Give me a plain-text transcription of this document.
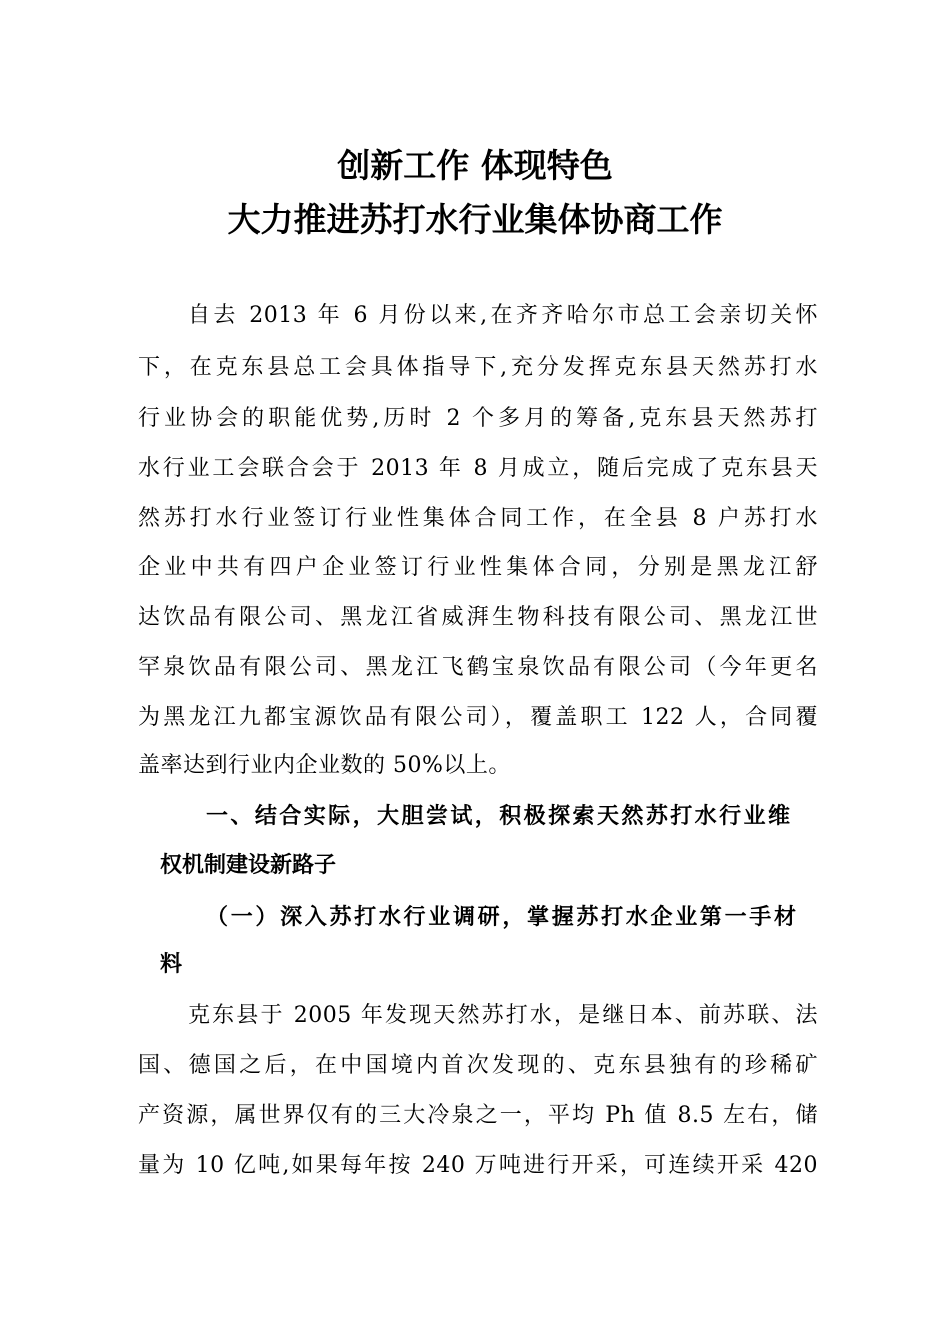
创新工作 体现特色
大力推进苏打水行业集体协商工作
自去 2013 年 6 月份以来,在齐齐哈尔市总工会亲切关怀
下，在克东县总工会具体指导下,充分发挥克东县天然苏打水
行业协会的职能优势,历时 2 个多月的筹备,克东县天然苏打
水行业工会联合会于 2013 年 8 月成立，随后完成了克东县天
然苏打水行业签订行业性集体合同工作，在全县 8 户苏打水
企业中共有四户企业签订行业性集体合同，分别是黑龙江舒
达饮品有限公司、黑龙江省威湃生物科技有限公司、黑龙江世
罕泉饮品有限公司、黑龙江飞鹤宝泉饮品有限公司（今年更名
为黑龙江九都宝源饮品有限公司），覆盖职工 122 人，合同覆
盖率达到行业内企业数的 50%以上。
一、结合实际，大胆尝试，积极探索天然苏打水行业维
权机制建设新路子
（一）深入苏打水行业调研，掌握苏打水企业第一手材
料
克东县于 2005 年发现天然苏打水，是继日本、前苏联、法
国、德国之后，在中国境内首次发现的、克东县独有的珍稀矿
产资源，属世界仅有的三大冷泉之一，平均 Ph 值 8.5 左右，储
量为 10 亿吨,如果每年按 240 万吨进行开采，可连续开采 420
